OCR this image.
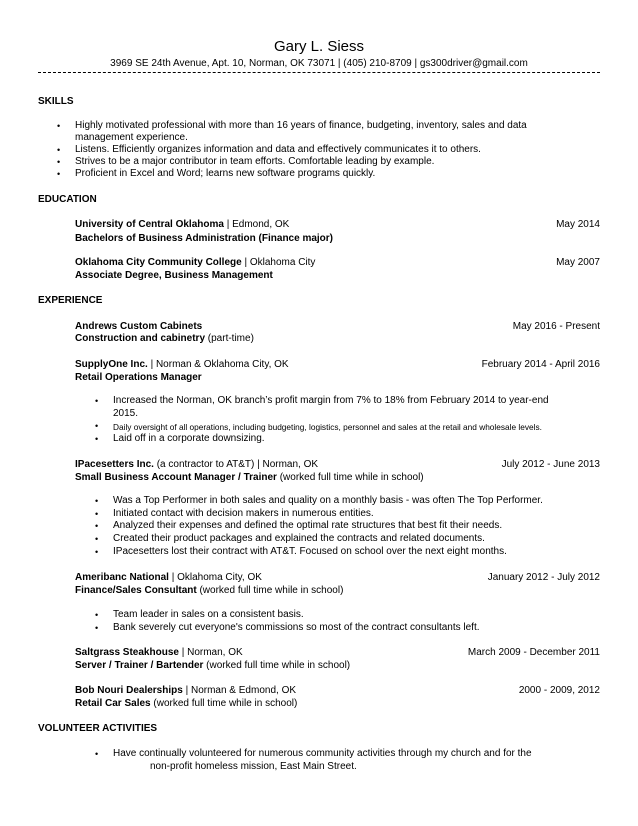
Gary L. Siess
3969 SE 24th Avenue, Apt. 10, Norman, OK 73071 | (405) 210-8709 | gs300driver@gmail.com
SKILLS
• Highly motivated professional with more than 16 years of finance, budgeting, inventory, sales and data
management experience.
• Listens. Efficiently organizes information and data and effectively communicates it to others.
• Strives to be a major contributor in team efforts. Comfortable leading by example.
• Proficient in Excel and Word; learns new software programs quickly.
EDUCATION
University of Central Oklahoma | Edmond, OK	May 2014
Bachelors of Business Administration (Finance major)
Oklahoma City Community College | Oklahoma City	May 2007
Associate Degree, Business Management
EXPERIENCE
Andrews Custom Cabinets	May 2016 - Present
Construction and cabinetry (part-time)
SupplyOne Inc. | Norman & Oklahoma City, OK	February 2014 - April 2016
Retail Operations Manager
• Increased the Norman, OK branch’s profit margin from 7% to 18% from February 2014 to year-end
2015.
• Daily oversight of all operations, including budgeting, logistics, personnel and sales at the retail and wholesale levels.
• Laid off in a corporate downsizing.
IPacesetters Inc. (a contractor to AT&T) | Norman, OK	July 2012 - June 2013
Small Business Account Manager / Trainer (worked full time while in school)
• Was a Top Performer in both sales and quality on a monthly basis - was often The Top Performer.
• Initiated contact with decision makers in numerous entities.
• Analyzed their expenses and defined the optimal rate structures that best fit their needs.
• Created their product packages and explained the contracts and related documents.
• IPacesetters lost their contract with AT&T. Focused on school over the next eight months.
Ameribanc National | Oklahoma City, OK	January 2012 - July 2012
Finance/Sales Consultant (worked full time while in school)
• Team leader in sales on a consistent basis.
• Bank severely cut everyone's commissions so most of the contract consultants left.
Saltgrass Steakhouse | Norman, OK	March 2009 - December 2011
Server / Trainer / Bartender (worked full time while in school)
Bob Nouri Dealerships | Norman & Edmond, OK	2000 - 2009, 2012
Retail Car Sales (worked full time while in school)
VOLUNTEER ACTIVITIES
• Have continually volunteered for numerous community activities through my church and for the
non-profit homeless mission, East Main Street.
